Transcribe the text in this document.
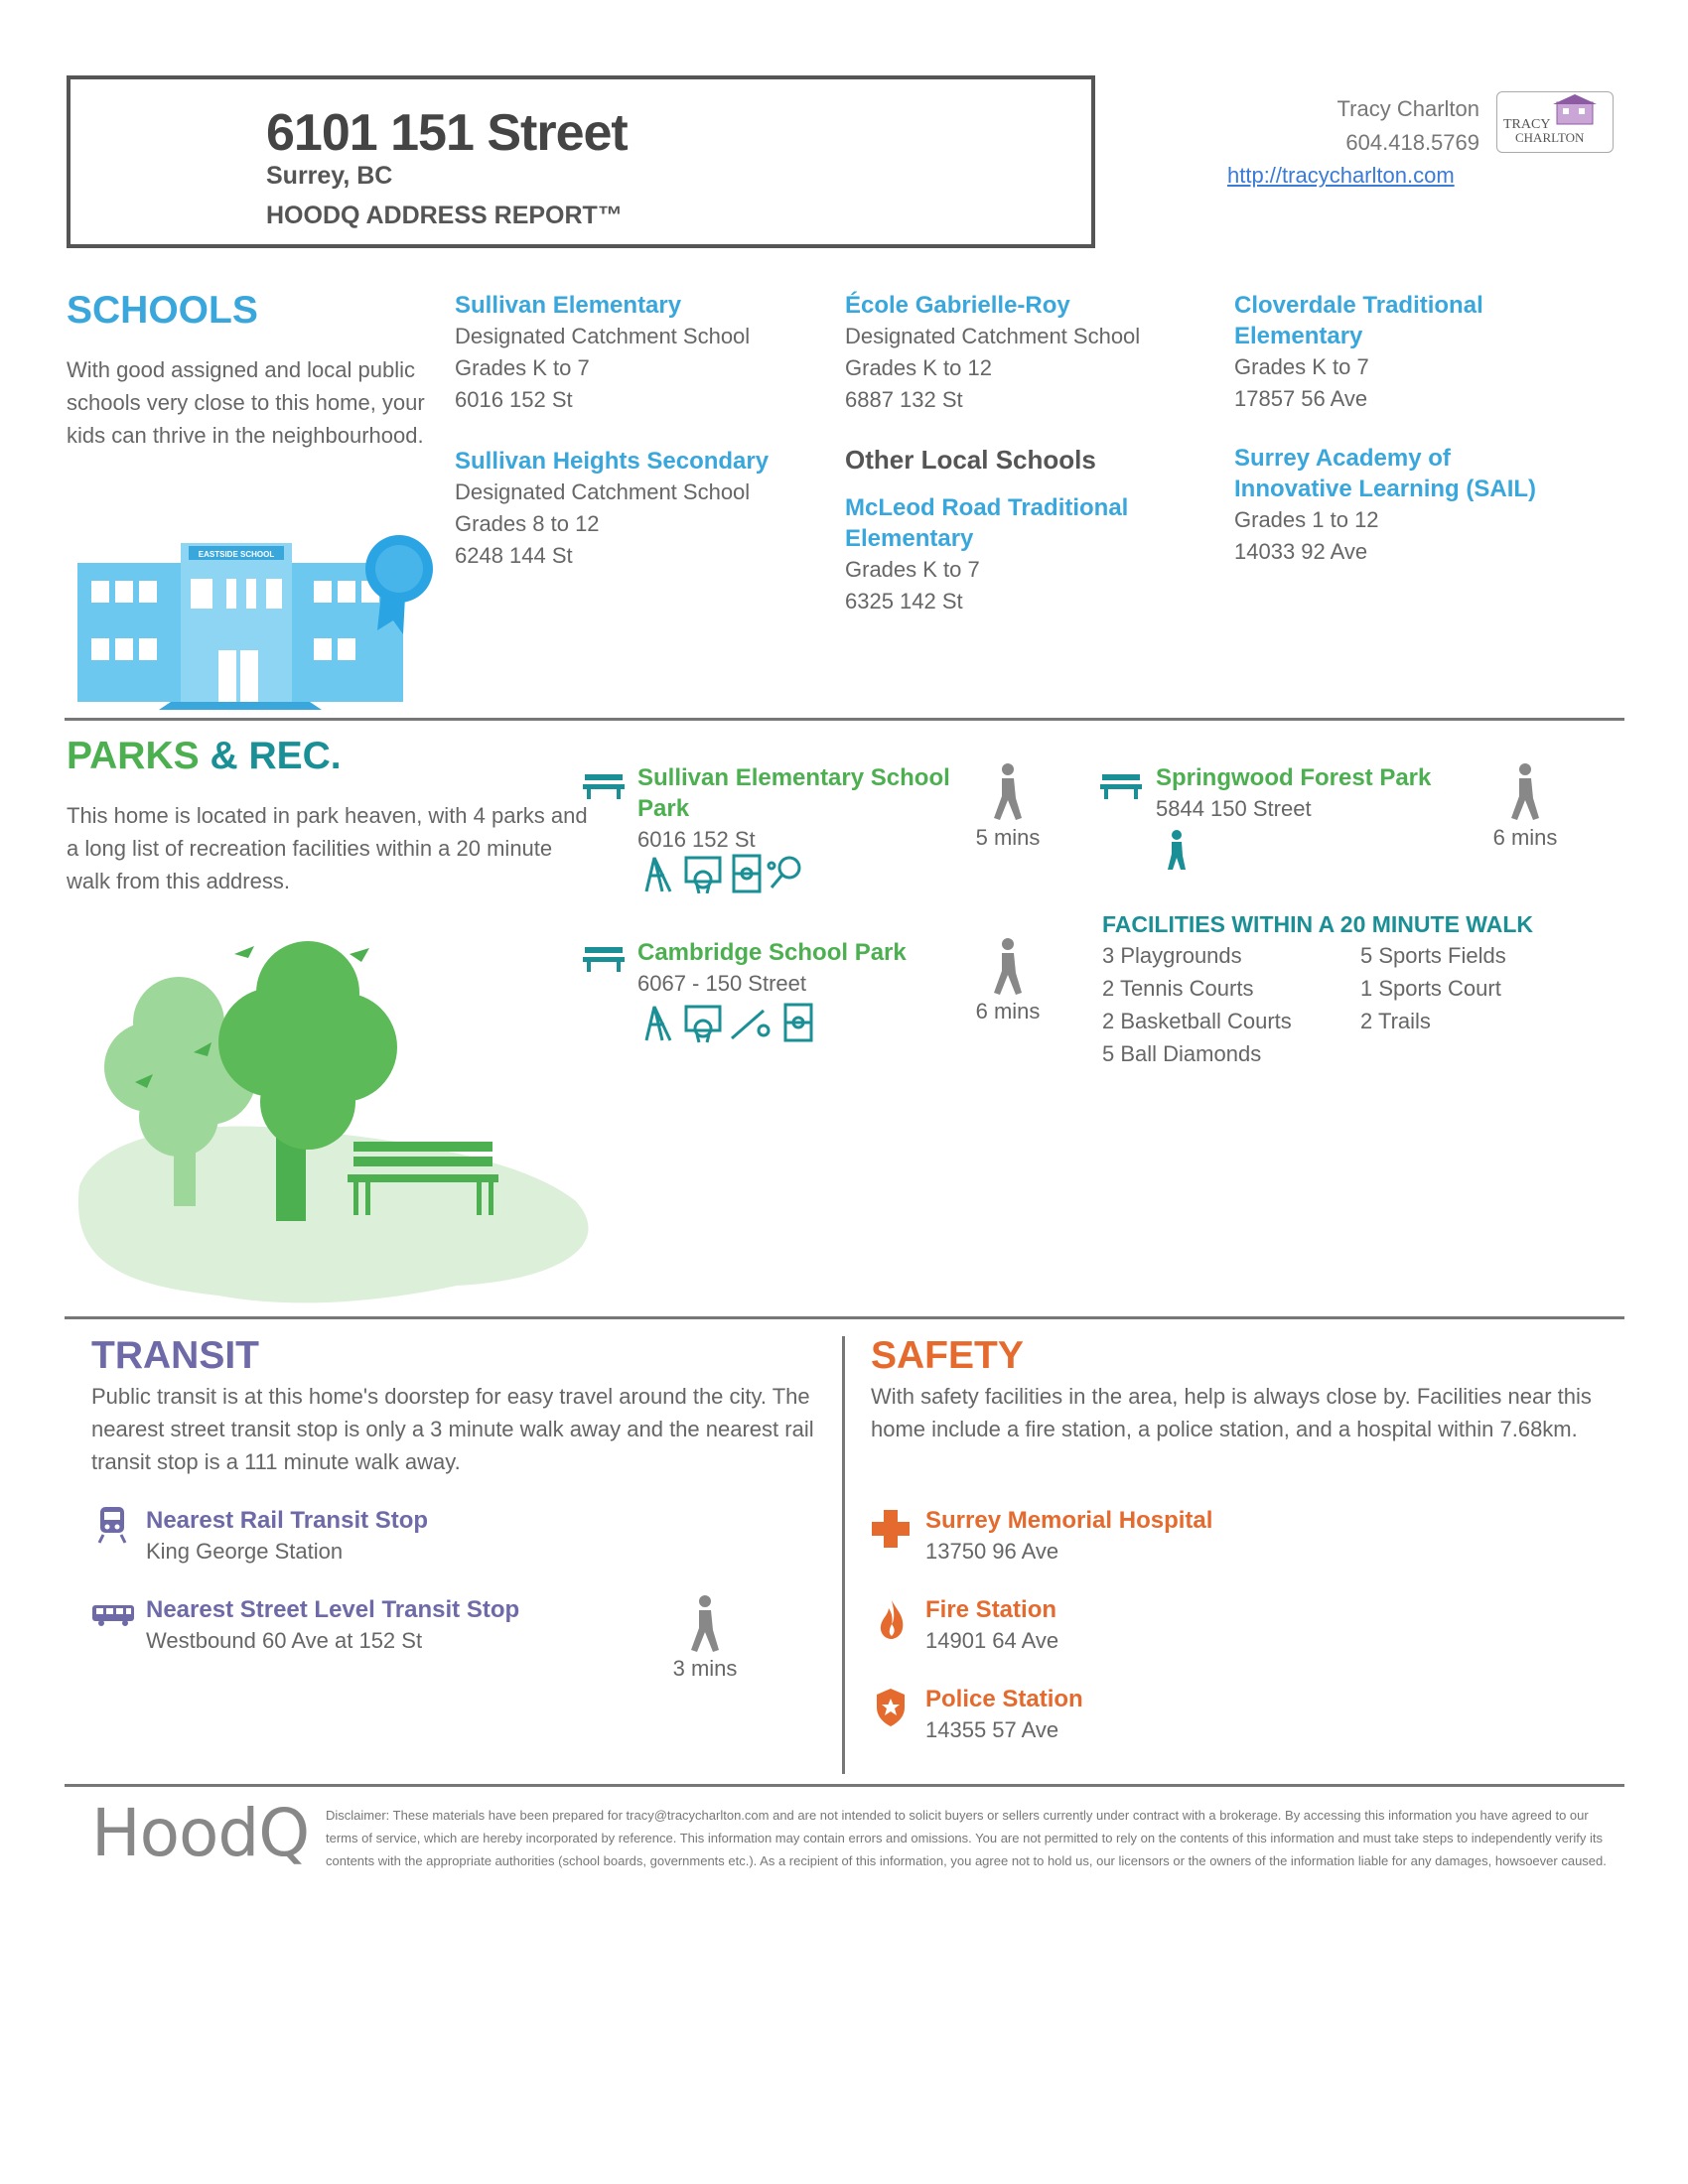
6101 151 Street
Surrey, BC
HOODQ ADDRESS REPORT™
Tracy Charlton
604.418.5769
http://tracycharlton.com
TRACY
CHARLTON
SCHOOLS
With good assigned and local public schools very close to this home, your kids can thrive in the neighbourhood.
EASTSIDE SCHOOL
Sullivan Elementary
Designated Catchment School
Grades K to 7
6016 152 St
Sullivan Heights Secondary
Designated Catchment School
Grades 8 to 12
6248 144 St
École Gabrielle-Roy
Designated Catchment School
Grades K to 12
6887 132 St
Other Local Schools
McLeod Road Traditional Elementary
Grades K to 7
6325 142 St
Cloverdale Traditional Elementary
Grades K to 7
17857 56 Ave
Surrey Academy of Innovative Learning (SAIL)
Grades 1 to 12
14033 92 Ave
PARKS & REC.
This home is located in park heaven, with 4 parks and a long list of recreation facilities within a 20 minute walk from this address.
Sullivan Elementary School Park
6016 152 St	5 mins
Cambridge School Park
6067 - 150 Street
6 mins
Springwood Forest Park
5844 150 Street
6 mins
FACILITIES WITHIN A 20 MINUTE WALK
3 Playgrounds
2 Tennis Courts
2 Basketball Courts
5 Ball Diamonds
5 Sports Fields
1 Sports Court
2 Trails
TRANSIT
Public transit is at this home's doorstep for easy travel around the city. The nearest street transit stop is only a 3 minute walk away and the nearest rail transit stop is a 111 minute walk away.
Nearest Rail Transit Stop
King George Station
Nearest Street Level Transit Stop
Westbound 60 Ave at 152 St
3 mins
SAFETY
With safety facilities in the area, help is always close by. Facilities near this home include a fire station, a police station, and a hospital within 7.68km.
Surrey Memorial Hospital
13750 96 Ave
Fire Station
14901 64 Ave
Police Station
14355 57 Ave
HoodQ Disclaimer: These materials have been prepared for tracy@tracycharlton.com and are not intended to solicit buyers or sellers currently under contract with a brokerage. By accessing this information you have agreed to our terms of service, which are hereby incorporated by reference. This information may contain errors and omissions. You are not permitted to rely on the contents of this information and must take steps to independently verify its contents with the appropriate authorities (school boards, governments etc.). As a recipient of this information, you agree not to hold us, our licensors or the owners of the information liable for any damages, howsoever caused.
